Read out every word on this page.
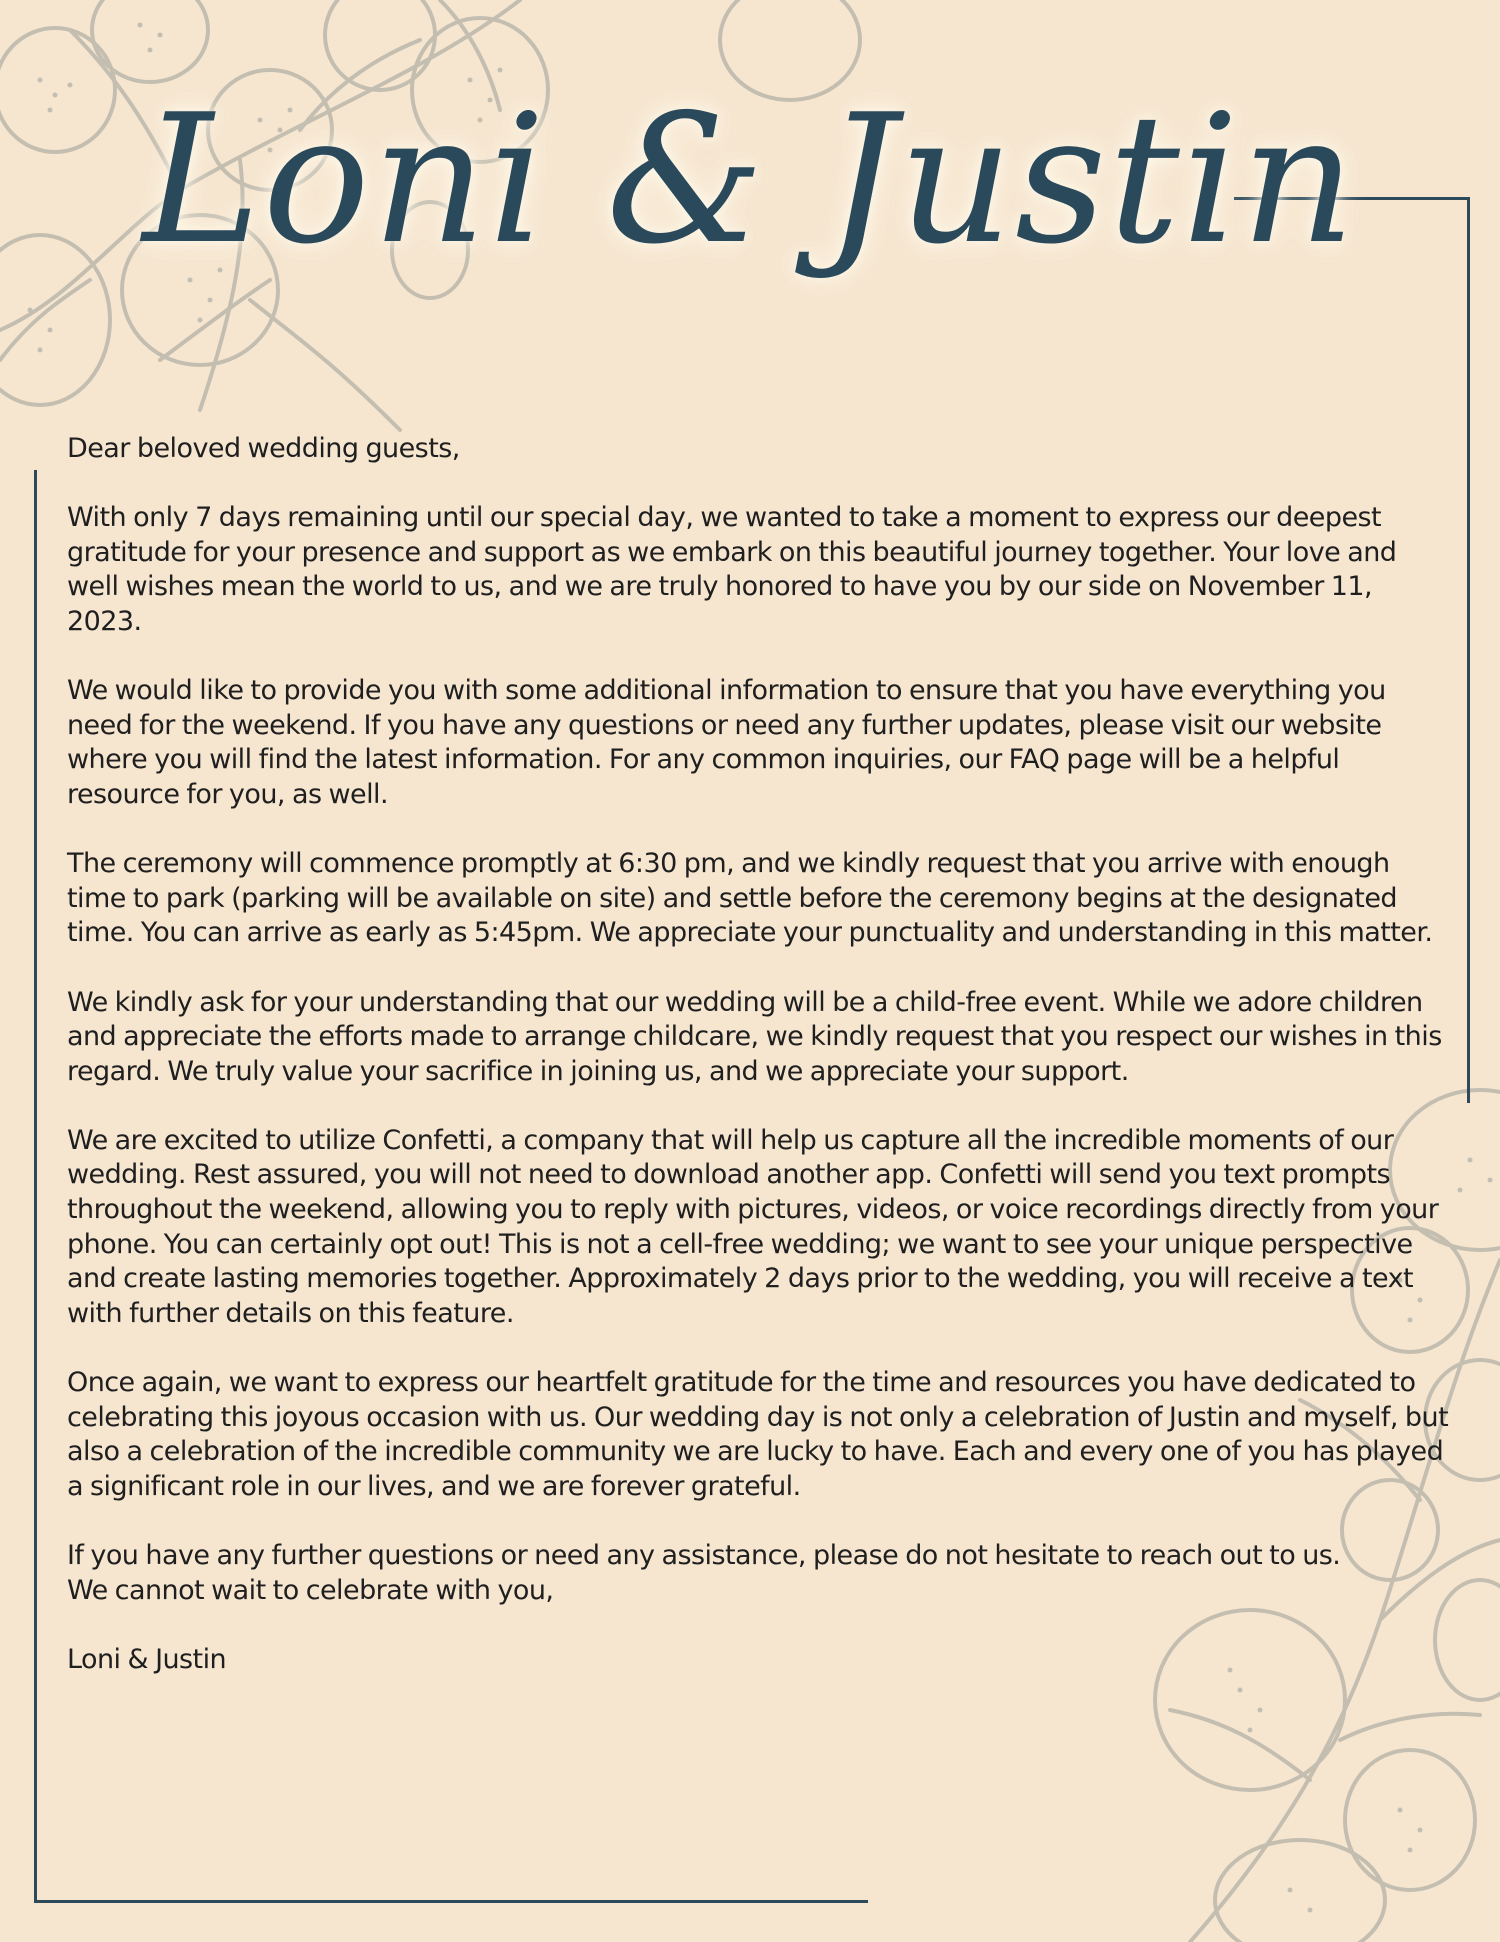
Loni & Justin

Dear beloved wedding guests,

With only 7 days remaining until our special day, we wanted to take a moment to express our deepest gratitude for your presence and support as we embark on this beautiful journey together. Your love and well wishes mean the world to us, and we are truly honored to have you by our side on November 11, 2023.

We would like to provide you with some additional information to ensure that you have everything you need for the weekend. If you have any questions or need any further updates, please visit our website where you will find the latest information. For any common inquiries, our FAQ page will be a helpful resource for you, as well.

The ceremony will commence promptly at 6:30 pm, and we kindly request that you arrive with enough time to park (parking will be available on site) and settle before the ceremony begins at the designated time. You can arrive as early as 5:45pm. We appreciate your punctuality and understanding in this matter.

We kindly ask for your understanding that our wedding will be a child-free event. While we adore children and appreciate the efforts made to arrange childcare, we kindly request that you respect our wishes in this regard. We truly value your sacrifice in joining us, and we appreciate your support.

We are excited to utilize Confetti, a company that will help us capture all the incredible moments of our wedding. Rest assured, you will not need to download another app. Confetti will send you text prompts throughout the weekend, allowing you to reply with pictures, videos, or voice recordings directly from your phone. You can certainly opt out! This is not a cell-free wedding; we want to see your unique perspective and create lasting memories together. Approximately 2 days prior to the wedding, you will receive a text with further details on this feature.

Once again, we want to express our heartfelt gratitude for the time and resources you have dedicated to celebrating this joyous occasion with us. Our wedding day is not only a celebration of Justin and myself, but also a celebration of the incredible community we are lucky to have. Each and every one of you has played a significant role in our lives, and we are forever grateful.

If you have any further questions or need any assistance, please do not hesitate to reach out to us.

We cannot wait to celebrate with you,

Loni & Justin
